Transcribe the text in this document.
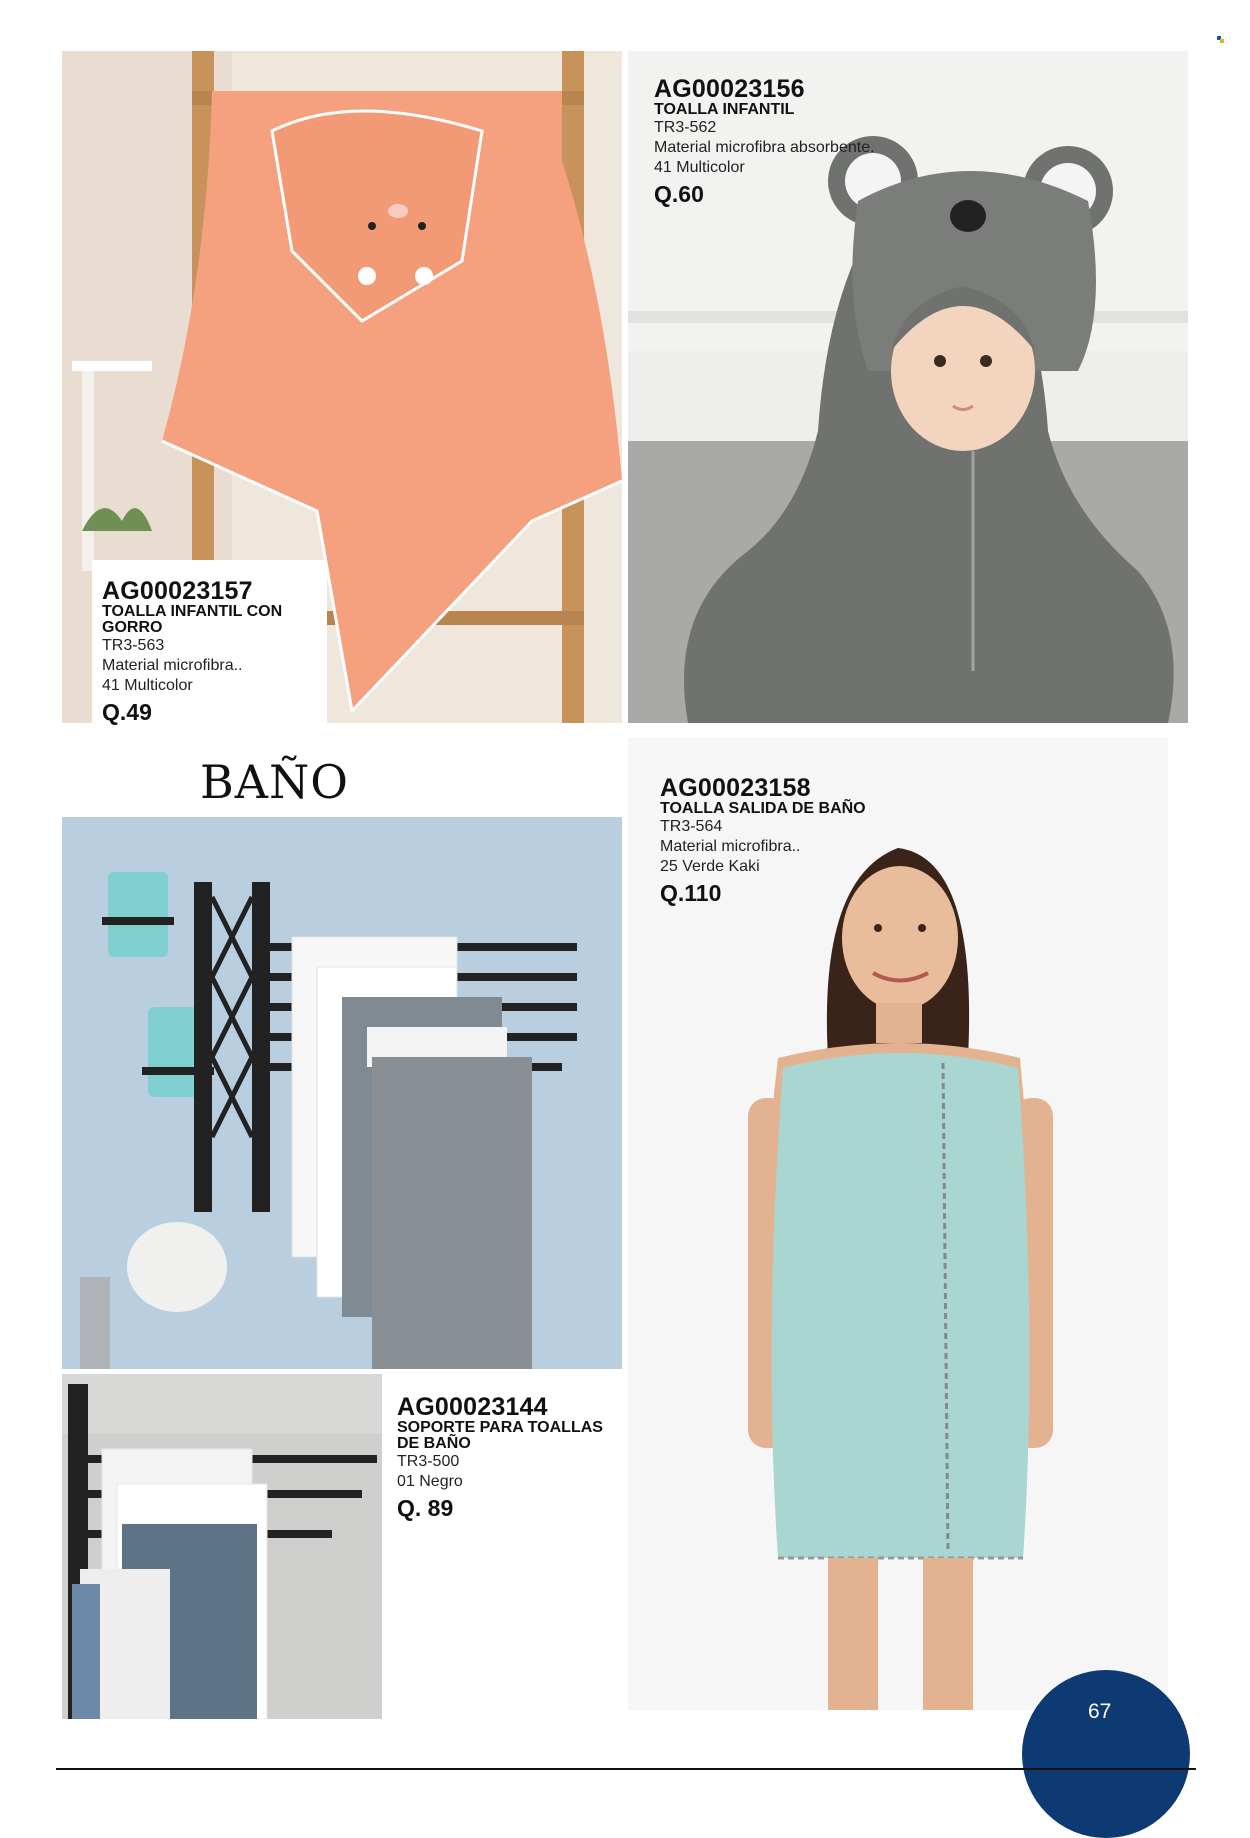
AG00023157
TOALLA INFANTIL CON
GORRO
TR3-563
Material microfibra..
41 Multicolor
Q.49
AG00023156
TOALLA INFANTIL
TR3-562
Material microfibra absorbente.
41 Multicolor
Q.60
BAÑO	AG00023158
TOALLA SALIDA DE BAÑO
TR3-564
Material microfibra..
25 Verde Kaki
Q.110
AG00023144
SOPORTE PARA TOALLAS
DE BAÑO
TR3-500
01 Negro
Q. 89
67
